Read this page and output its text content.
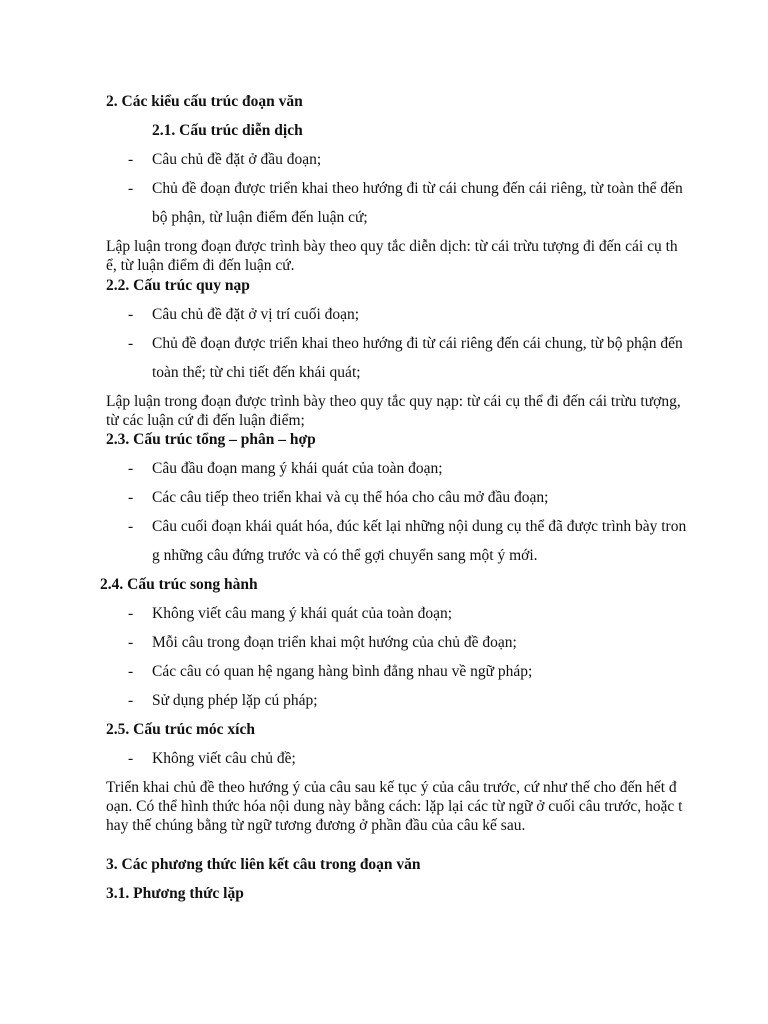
2. Các kiểu cấu trúc đoạn văn
2.1. Cấu trúc diễn dịch
- Câu chủ đề đặt ở đầu đoạn;
- Chủ đề đoạn được triển khai theo hướng đi từ cái chung đến cái riêng, từ toàn thể đến
bộ phận, từ luận điểm đến luận cứ;
Lập luận trong đoạn được trình bày theo quy tắc diễn dịch: từ cái trừu tượng đi đến cái cụ th
ể, từ luận điểm đi đến luận cứ.
2.2. Cấu trúc quy nạp
- Câu chủ đề đặt ở vị trí cuối đoạn;
- Chủ đề đoạn được triển khai theo hướng đi từ cái riêng đến cái chung, từ bộ phận đến
toàn thể; từ chi tiết đến khái quát;
Lập luận trong đoạn được trình bày theo quy tắc quy nạp: từ cái cụ thể đi đến cái trừu tượng,
từ các luận cứ đi đến luận điểm;
2.3. Cấu trúc tổng – phân – hợp
- Câu đầu đoạn mang ý khái quát của toàn đoạn;
- Các câu tiếp theo triển khai và cụ thể hóa cho câu mở đầu đoạn;
- Câu cuối đoạn khái quát hóa, đúc kết lại những nội dung cụ thể đã được trình bày tron
g những câu đứng trước và có thể gợi chuyển sang một ý mới.
2.4. Cấu trúc song hành
- Không viết câu mang ý khái quát của toàn đoạn;
- Mỗi câu trong đoạn triển khai một hướng của chủ đề đoạn;
- Các câu có quan hệ ngang hàng bình đẳng nhau về ngữ pháp;
- Sử dụng phép lặp cú pháp;
2.5. Cấu trúc móc xích
- Không viết câu chủ đề;
Triển khai chủ đề theo hướng ý của câu sau kế tục ý của câu trước, cứ như thế cho đến hết đ
oạn. Có thể hình thức hóa nội dung này bằng cách: lặp lại các từ ngữ ở cuối câu trước, hoặc t
hay thế chúng bằng từ ngữ tương đương ở phần đầu của câu kế sau.
3. Các phương thức liên kết câu trong đoạn văn
3.1. Phương thức lặp
